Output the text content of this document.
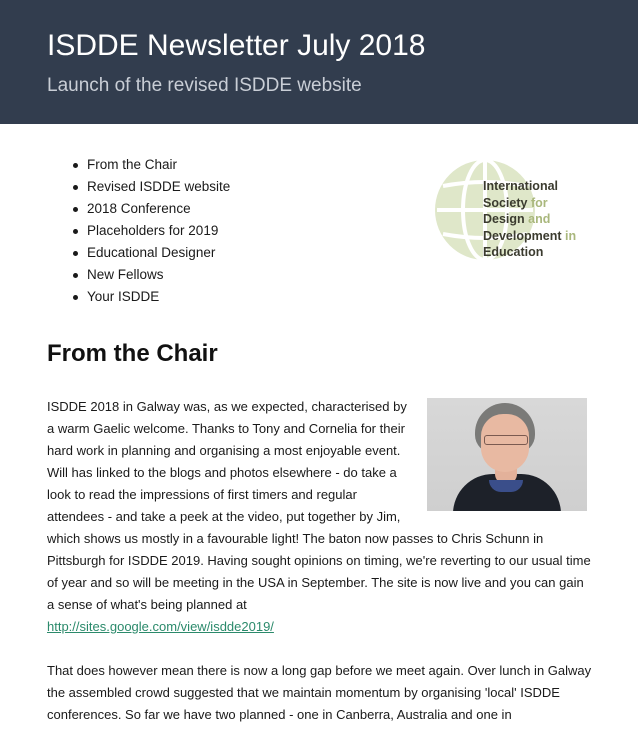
ISDDE Newsletter July 2018
Launch of the revised ISDDE website
From the Chair
Revised ISDDE website
2018 Conference
Placeholders for 2019
Educational Designer
New Fellows
Your ISDDE
International
Society for
Design and
Development in
Education
From the Chair

ISDDE 2018 in Galway was, as we expected, characterised by a warm Gaelic welcome. Thanks to Tony and Cornelia for their hard work in planning and organising a most enjoyable event. Will has linked to the blogs and photos elsewhere - do take a look to read the impressions of first timers and regular attendees - and take a peek at the video, put together by Jim, which shows us mostly in a favourable light! The baton now passes to Chris Schunn in Pittsburgh for ISDDE 2019. Having sought opinions on timing, we're reverting to our usual time of year and so will be meeting in the USA in September. The site is now live and you can gain a sense of what's being planned at
http://sites.google.com/view/isdde2019/

That does however mean there is now a long gap before we meet again. Over lunch in Galway the assembled crowd suggested that we maintain momentum by organising 'local' ISDDE conferences. So far we have two planned - one in Canberra, Australia and one in
